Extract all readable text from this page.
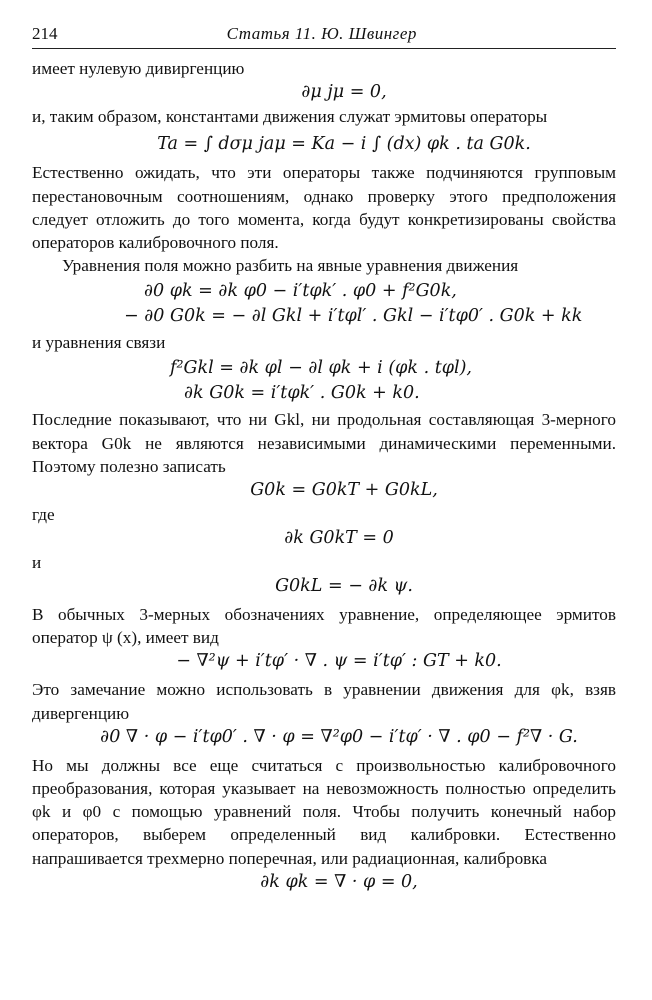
214	Статья 11. Ю. Швингер

имеет нулевую дивиргенцию

∂μ jμ = 0,

и, таким образом, константами движения служат эрмитовы операторы

Ta = ∫ dσμ jaμ = Ka − i ∫ (dx) φk . ta G0k.

Естественно ожидать, что эти операторы также подчиняются групповым перестановочным соотношениям, однако проверку этого предположения следует отложить до того момента, когда будут конкретизированы свойства операторов калибровочного поля.

Уравнения поля можно разбить на явные уравнения движения

∂0 φk = ∂k φ0 − i′tφk′ . φ0 + f²G0k,
− ∂0 G0k = − ∂l Gkl + i′tφl′ . Gkl − i′tφ0′ . G0k + kk

и уравнения связи

f²Gkl = ∂k φl − ∂l φk + i (φk . tφl),
∂k G0k = i′tφk′ . G0k + k0.

Последние показывают, что ни Gkl, ни продольная составляющая 3-мерного вектора G0k не являются независимыми динамическими переменными. Поэтому полезно записать

G0k = G0kT + G0kL,

где

∂k G0kT = 0

и

G0kL = − ∂k ψ.

В обычных 3-мерных обозначениях уравнение, определяющее эрмитов оператор ψ (x), имеет вид

− ∇²ψ + i′tφ′ · ∇ . ψ = i′tφ′ : GT + k0.

Это замечание можно использовать в уравнении движения для φk, взяв дивергенцию

∂0 ∇ · φ − i′tφ0′ . ∇ · φ = ∇²φ0 − i′tφ′ · ∇ . φ0 − f²∇ · G.

Но мы должны все еще считаться с произвольностью калибровочного преобразования, которая указывает на невозможность полностью определить φk и φ0 с помощью уравнений поля. Чтобы получить конечный набор операторов, выберем определенный вид калибровки. Естественно напрашивается трехмерно поперечная, или радиационная, калибровка

∂k φk = ∇ · φ = 0,
